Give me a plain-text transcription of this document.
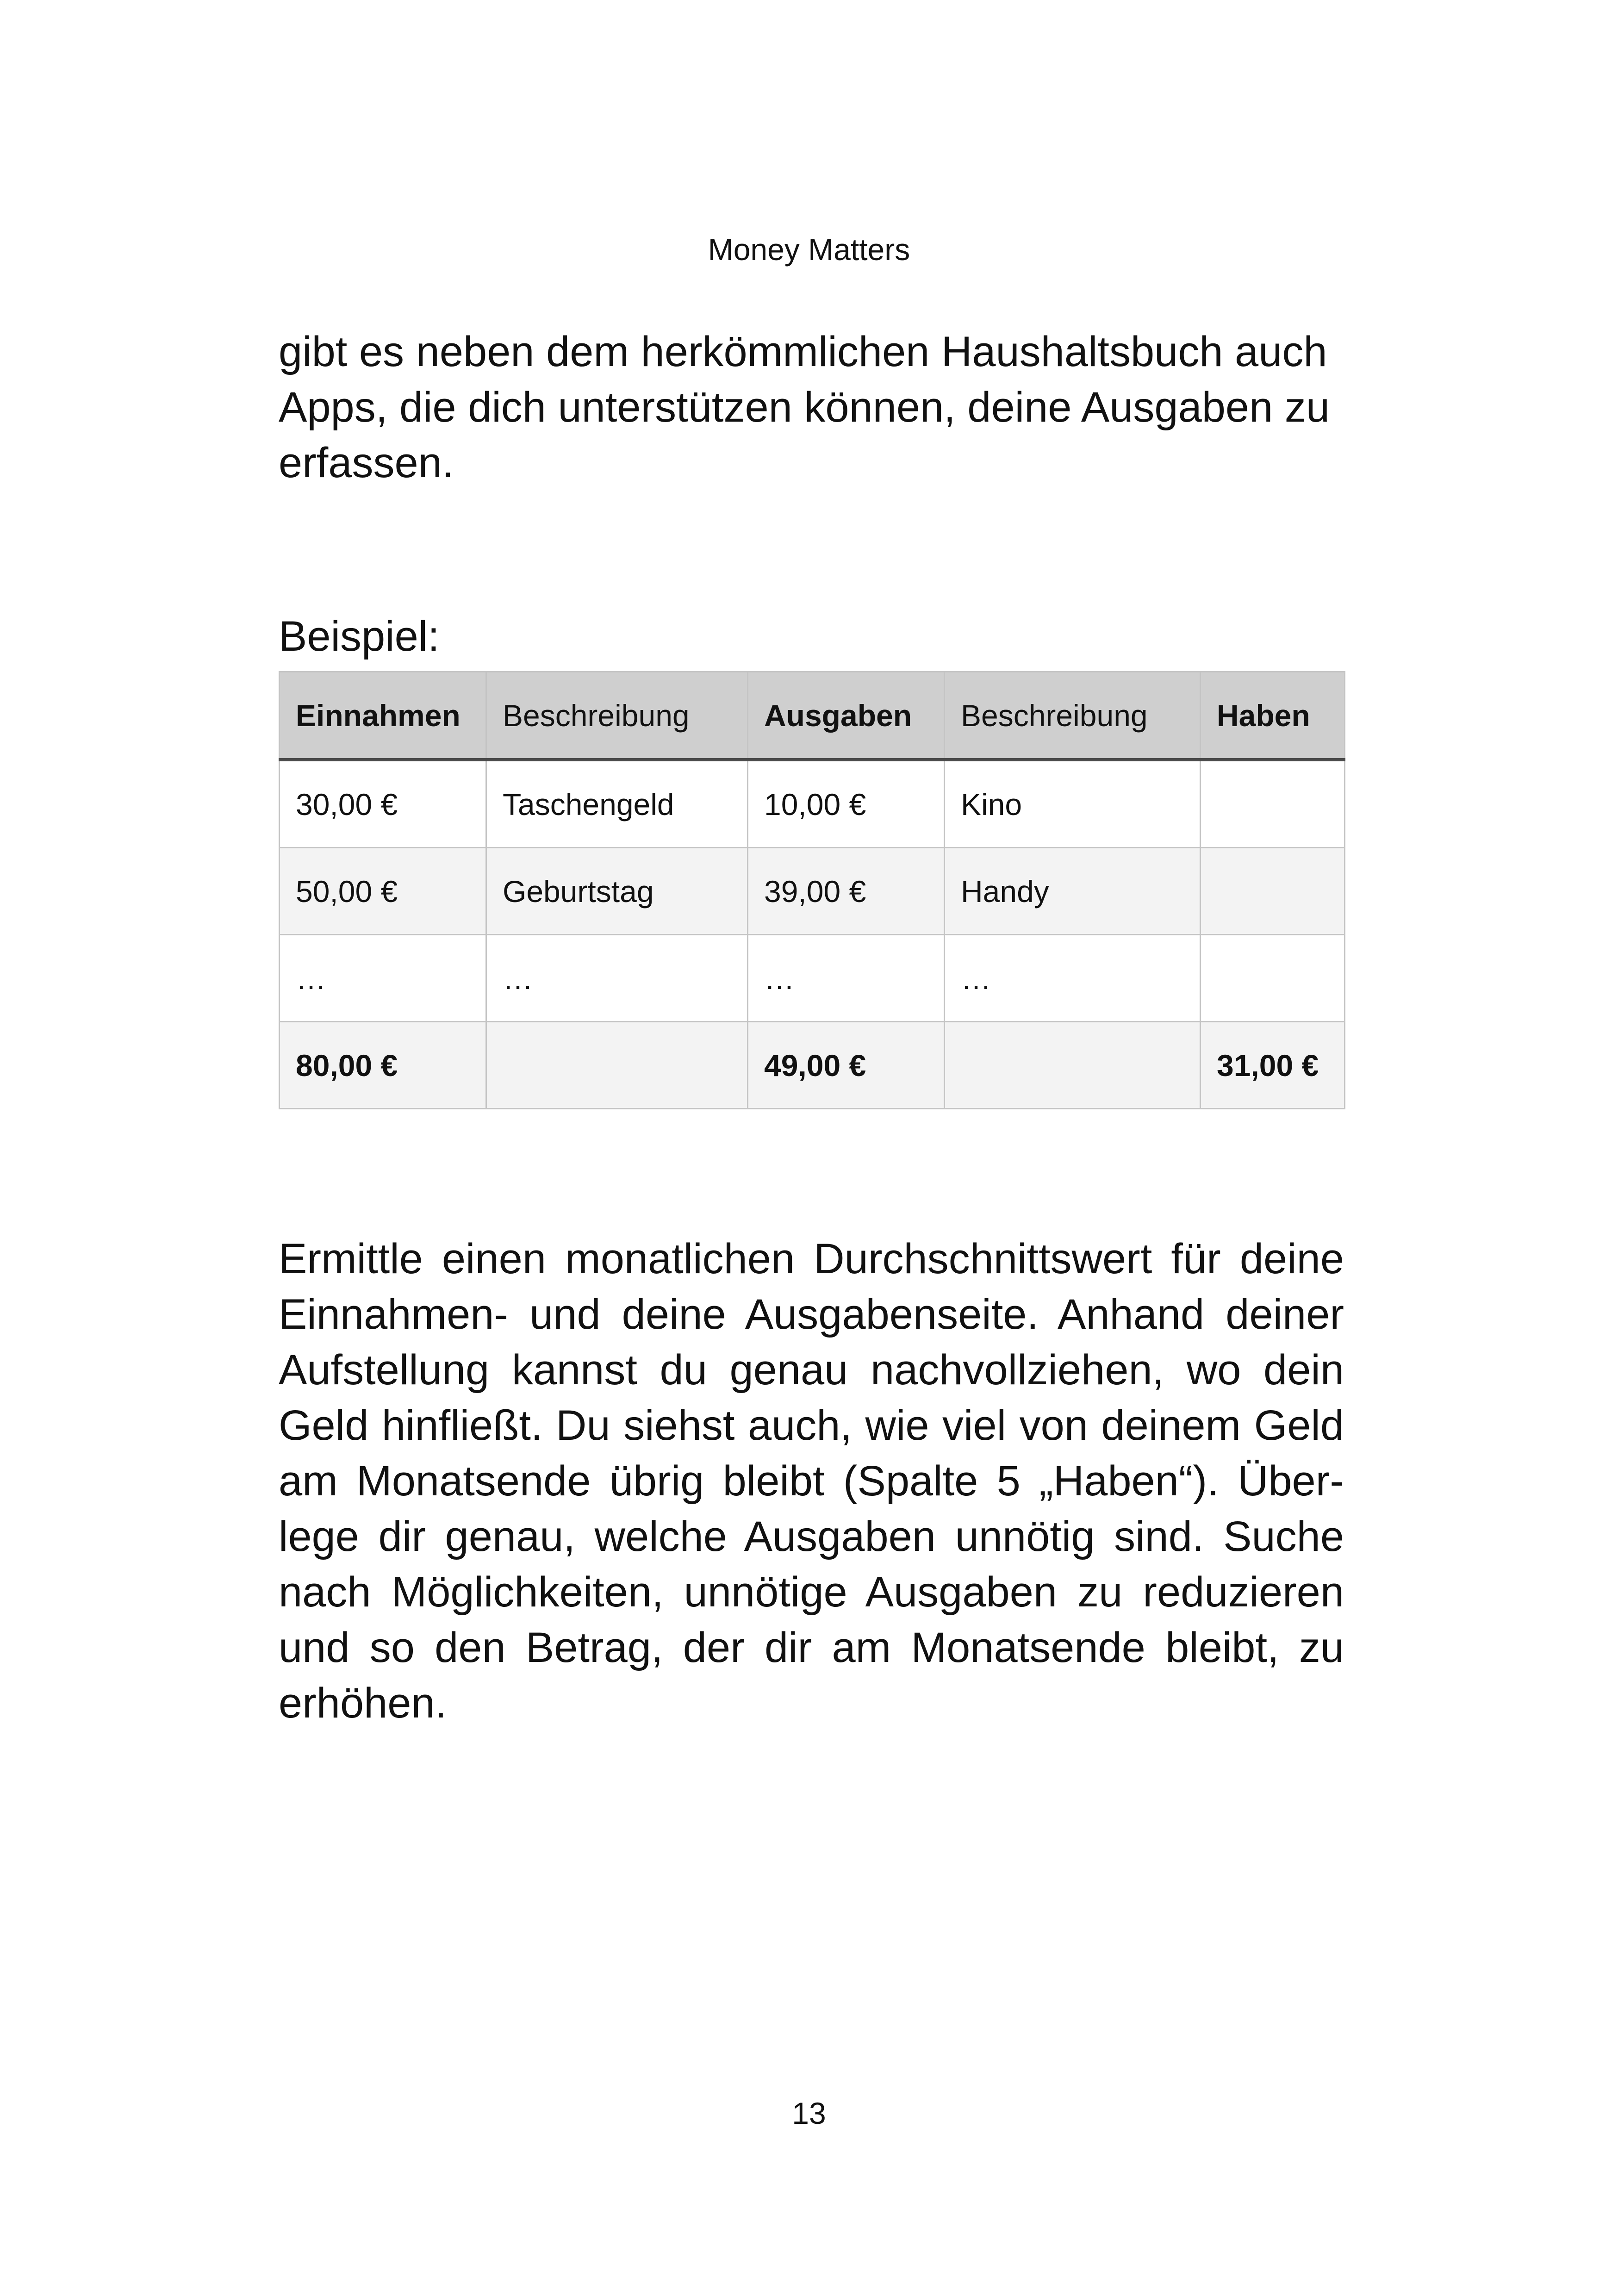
Money Matters

gibt es neben dem herkömmlichen Haushaltsbuch auch Apps, die dich unterstützen können, deine Ausgaben zu erfassen.

Beispiel:

Einnahmen	Beschreibung	Ausgaben	Beschreibung	Haben
30,00 €	Taschengeld	10,00 €	Kino	
50,00 €	Geburtstag	39,00 €	Handy	
…	…	…	…	
80,00 €		49,00 €		31,00 €

Ermittle einen monatlichen Durchschnittswert für deine Einnahmen- und deine Ausgabenseite. Anhand deiner Aufstellung kannst du genau nachvollziehen, wo dein Geld hinfließt. Du siehst auch, wie viel von deinem Geld am Monatsende übrig bleibt (Spalte 5 „Haben“). Über-lege dir genau, welche Ausgaben unnötig sind. Suche nach Möglichkeiten, unnötige Ausgaben zu reduzieren und so den Betrag, der dir am Monatsende bleibt, zu erhöhen.

13
